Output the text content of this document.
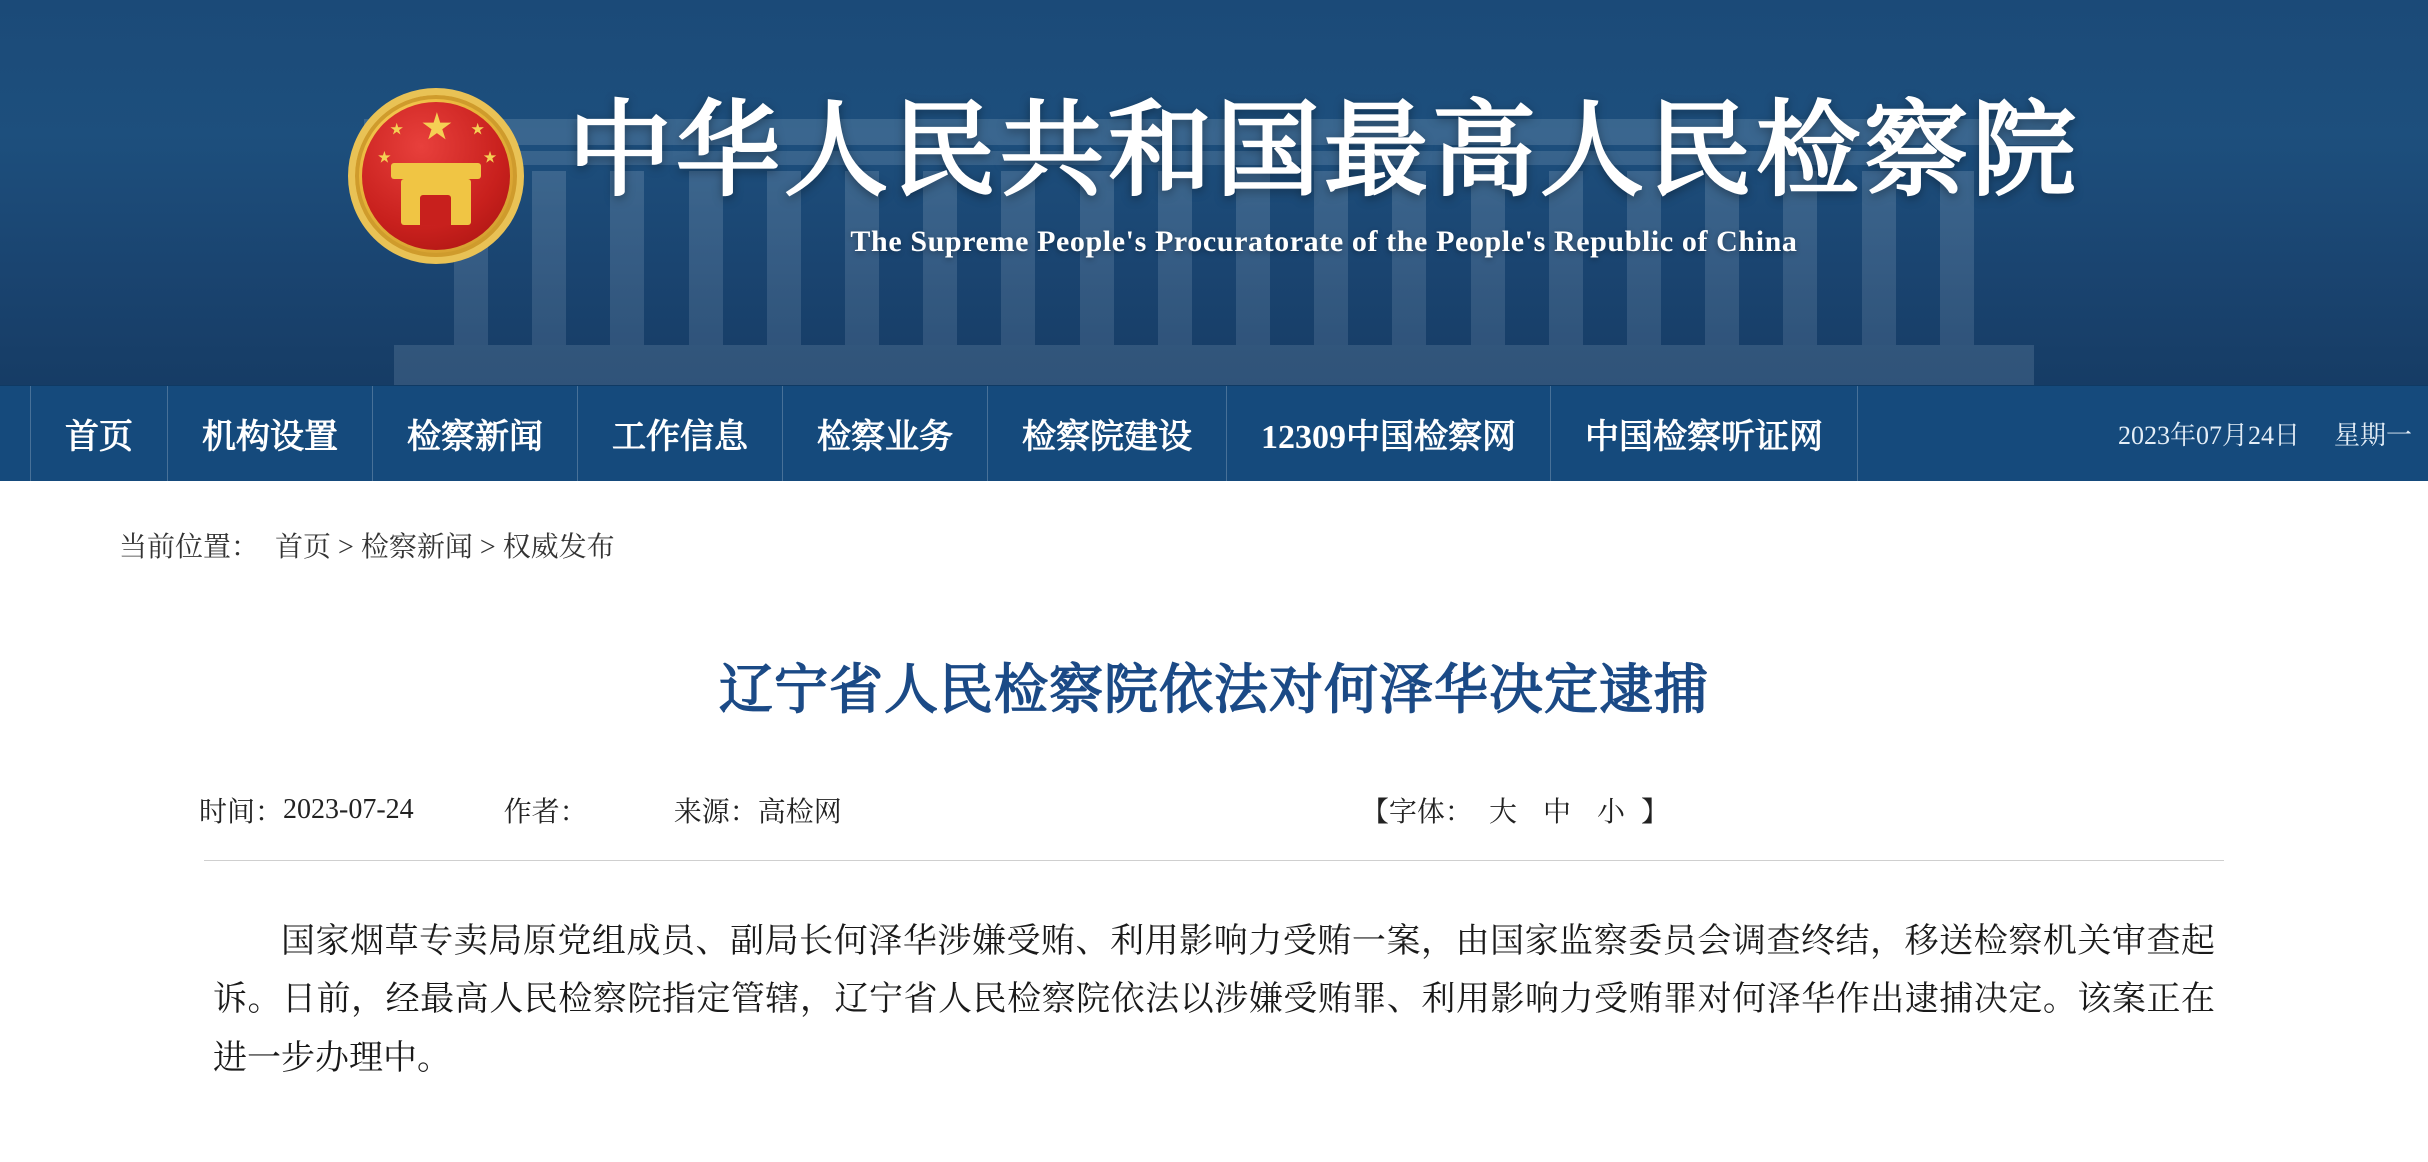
中华人民共和国最高人民检察院
The Supreme People's Procuratorate of the People's Republic of China
首页	机构设置	检察新闻	工作信息	检察业务	检察院建设	12309中国检察网	中国检察听证网	2023年07月24日 星期一
当前位置： 首页 > 检察新闻 > 权威发布
辽宁省人民检察院依法对何泽华决定逮捕
时间： 2023-07-24	作者：	来源： 高检网	【字体： 大 中 小 】

国家烟草专卖局原党组成员、副局长何泽华涉嫌受贿、利用影响力受贿一案，由国家监察委员会调查终结，移送检察机关审查起诉。日前，经最高人民检察院指定管辖，辽宁省人民检察院依法以涉嫌受贿罪、利用影响力受贿罪对何泽华作出逮捕决定。该案正在进一步办理中。
